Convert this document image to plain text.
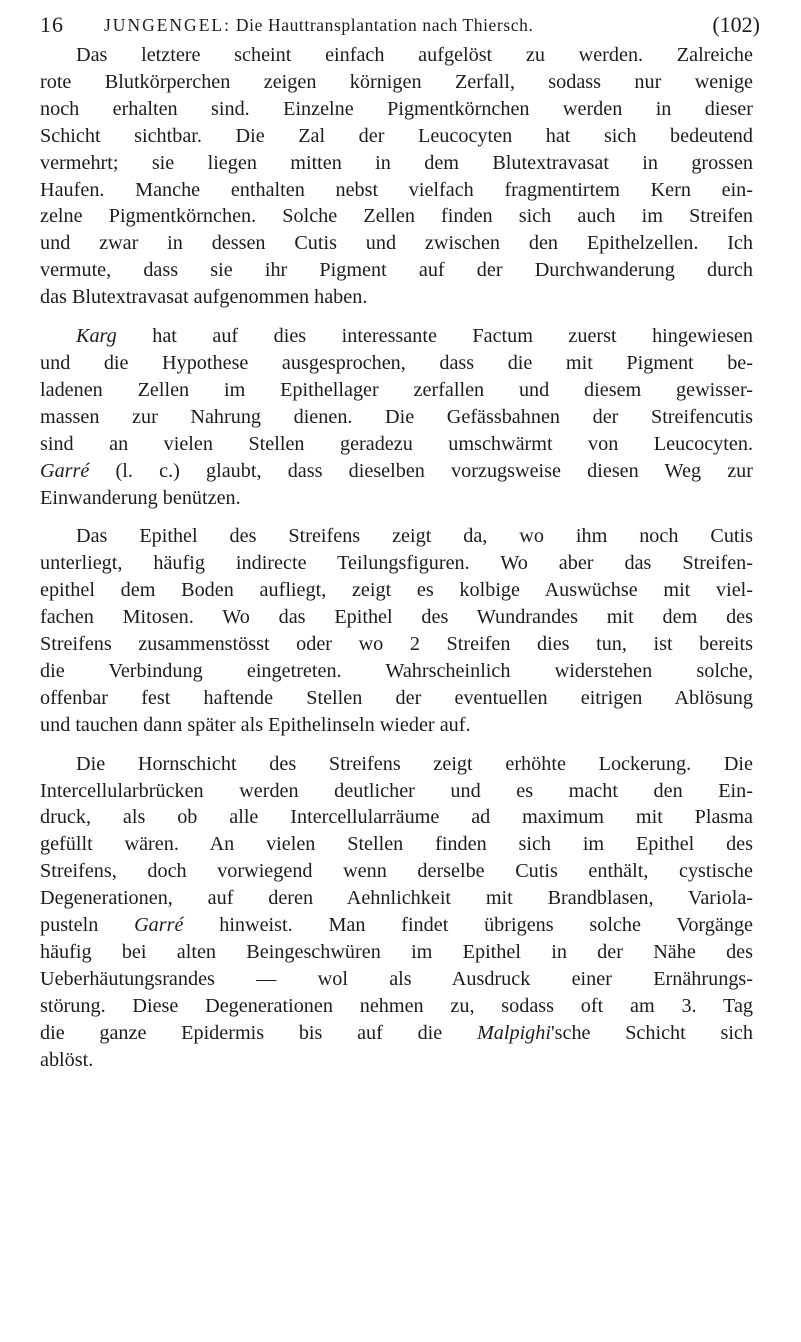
16 JUNGENGEL: Die Hauttransplantation nach Thiersch.	(102)

Das letztere scheint einfach aufgelöst zu werden. Zalreiche
rote Blutkörperchen zeigen körnigen Zerfall, sodass nur wenige
noch erhalten sind. Einzelne Pigmentkörnchen werden in dieser
Schicht sichtbar. Die Zal der Leucocyten hat sich bedeutend
vermehrt; sie liegen mitten in dem Blutextravasat in grossen
Haufen. Manche enthalten nebst vielfach fragmentirtem Kern ein-
zelne Pigmentkörnchen. Solche Zellen finden sich auch im Streifen
und zwar in dessen Cutis und zwischen den Epithelzellen. Ich
vermute, dass sie ihr Pigment auf der Durchwanderung durch
das Blutextravasat aufgenommen haben.

Karg hat auf dies interessante Factum zuerst hingewiesen
und die Hypothese ausgesprochen, dass die mit Pigment be-
ladenen Zellen im Epithellager zerfallen und diesem gewisser-
massen zur Nahrung dienen. Die Gefässbahnen der Streifencutis
sind an vielen Stellen geradezu umschwärmt von Leucocyten.
Garré (l. c.) glaubt, dass dieselben vorzugsweise diesen Weg zur
Einwanderung benützen.

Das Epithel des Streifens zeigt da, wo ihm noch Cutis
unterliegt, häufig indirecte Teilungsfiguren. Wo aber das Streifen-
epithel dem Boden aufliegt, zeigt es kolbige Auswüchse mit viel-
fachen Mitosen. Wo das Epithel des Wundrandes mit dem des
Streifens zusammenstösst oder wo 2 Streifen dies tun, ist bereits
die Verbindung eingetreten. Wahrscheinlich widerstehen solche,
offenbar fest haftende Stellen der eventuellen eitrigen Ablösung
und tauchen dann später als Epithelinseln wieder auf.

Die Hornschicht des Streifens zeigt erhöhte Lockerung. Die
Intercellularbrücken werden deutlicher und es macht den Ein-
druck, als ob alle Intercellularräume ad maximum mit Plasma
gefüllt wären. An vielen Stellen finden sich im Epithel des
Streifens, doch vorwiegend wenn derselbe Cutis enthält, cystische
Degenerationen, auf deren Aehnlichkeit mit Brandblasen, Variola-
pusteln Garré hinweist. Man findet übrigens solche Vorgänge
häufig bei alten Beingeschwüren im Epithel in der Nähe des
Ueberhäutungsrandes — wol als Ausdruck einer Ernährungs-
störung. Diese Degenerationen nehmen zu, sodass oft am 3. Tag
die ganze Epidermis bis auf die Malpighi'sche Schicht sich
ablöst.
